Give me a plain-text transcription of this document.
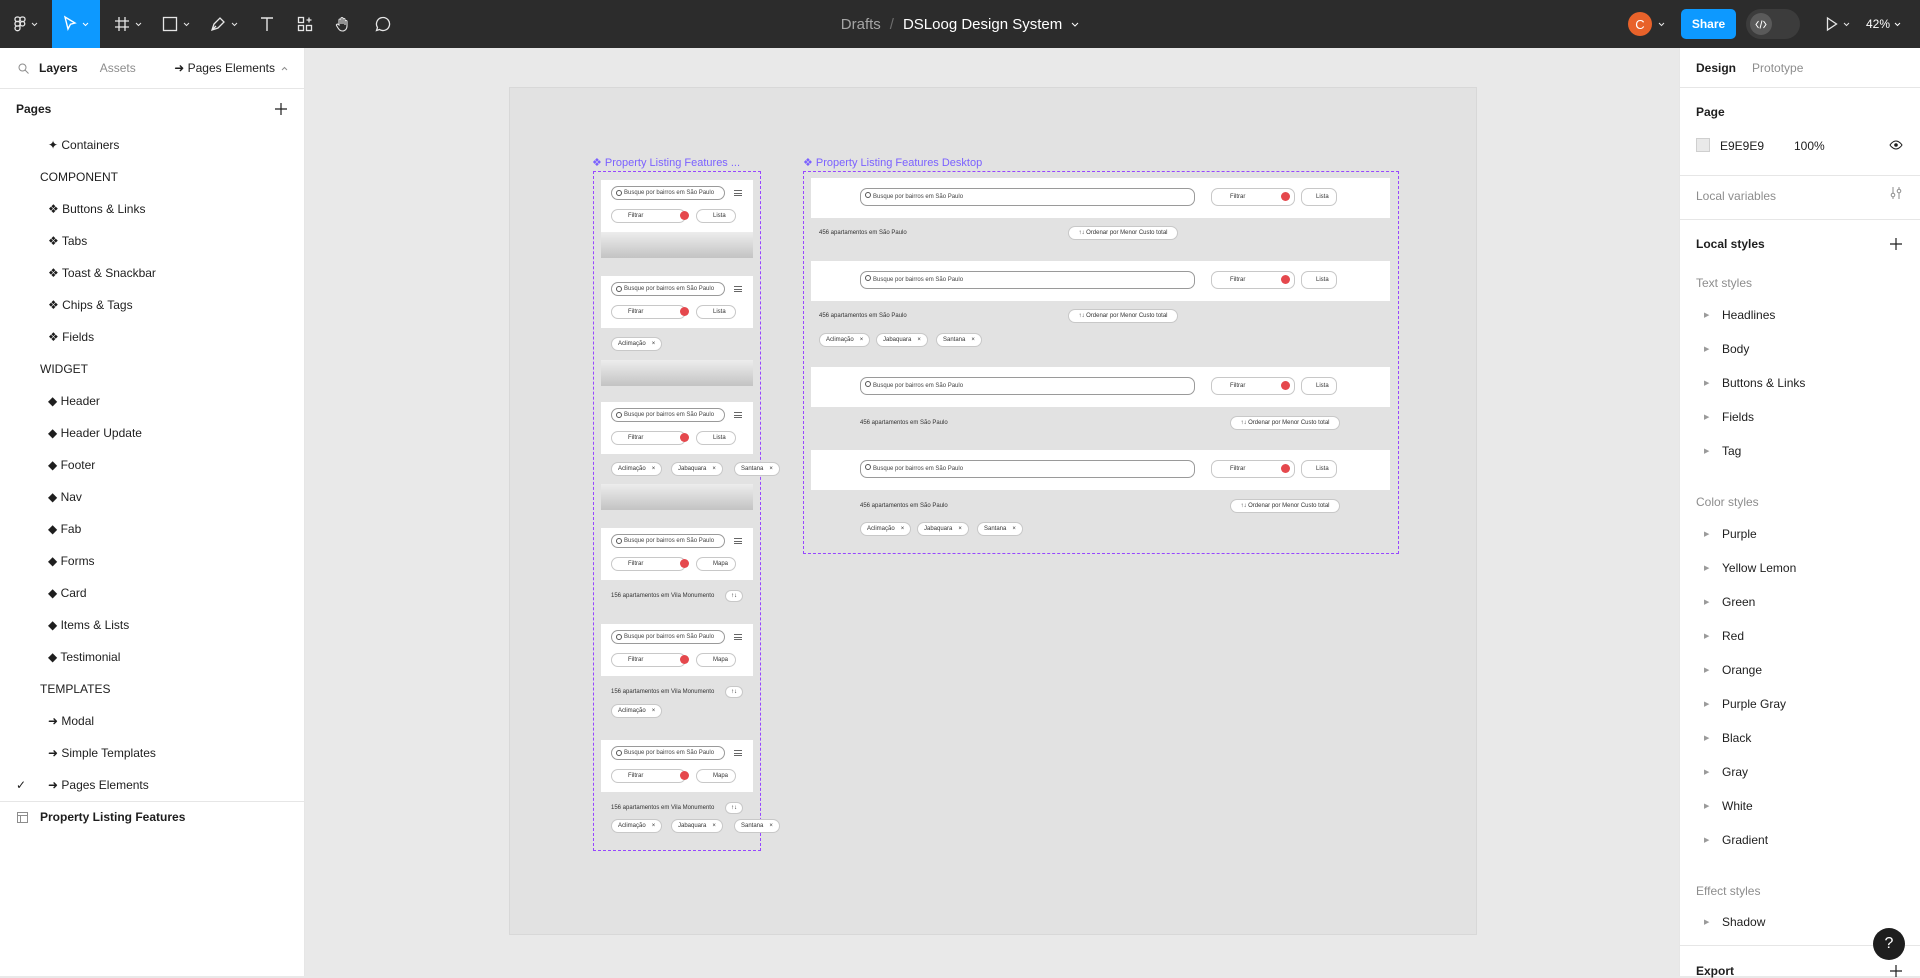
Drafts / DSLoog Design System	C	Share	42%
Layers Assets	➜ Pages Elements
Pages
✦ Containers
COMPONENT
❖ Buttons & Links
❖ Tabs
❖ Toast & Snackbar
❖ Chips & Tags
❖ Fields
WIDGET
◆ Header
◆ Header Update
◆ Footer
◆ Nav
◆ Fab
◆ Forms
◆ Card
◆ Items & Lists
◆ Testimonial
TEMPLATES
➜ Modal
➜ Simple Templates
✓ ➜ Pages Elements
Property Listing Features
❖ Property Listing Features ...	❖ Property Listing Features Desktop
Busque por bairros em São Paulo
Filtrar	Lista
Busque por bairros em São Paulo
Filtrar	Lista
Aclimação ×
Busque por bairros em São Paulo
Filtrar	Lista
Aclimação ×	Jabaquara ×	Santana ×
Busque por bairros em São Paulo
Filtrar	Mapa
156 apartamentos em Vila Monumento	↑↓
Busque por bairros em São Paulo
Filtrar	Mapa
156 apartamentos em Vila Monumento	↑↓
Aclimação ×
Busque por bairros em São Paulo
Filtrar	Mapa
156 apartamentos em Vila Monumento	↑↓
Aclimação ×	Jabaquara ×	Santana ×
Busque por bairros em São Paulo	Filtrar	Lista
456 apartamentos em São Paulo	↑↓ Ordenar por Menor Custo total
Busque por bairros em São Paulo	Filtrar	Lista
456 apartamentos em São Paulo	↑↓ Ordenar por Menor Custo total
Aclimação ×	Jabaquara ×	Santana ×
Busque por bairros em São Paulo	Filtrar	Lista
456 apartamentos em São Paulo	↑↓ Ordenar por Menor Custo total
Busque por bairros em São Paulo	Filtrar	Lista
456 apartamentos em São Paulo	↑↓ Ordenar por Menor Custo total
Aclimação ×	Jabaquara ×	Santana ×
Design Prototype
Page
E9E9E9 100%
Local variables
Local styles
Text styles
▶ Headlines
▶ Body
▶ Buttons & Links
▶ Fields
▶ Tag
Color styles
▶ Purple
▶ Yellow Lemon
▶ Green
▶ Red
▶ Orange
▶ Purple Gray
▶ Black
▶ Gray
▶ White
▶ Gradient
Effect styles
▶ Shadow
Export
?
